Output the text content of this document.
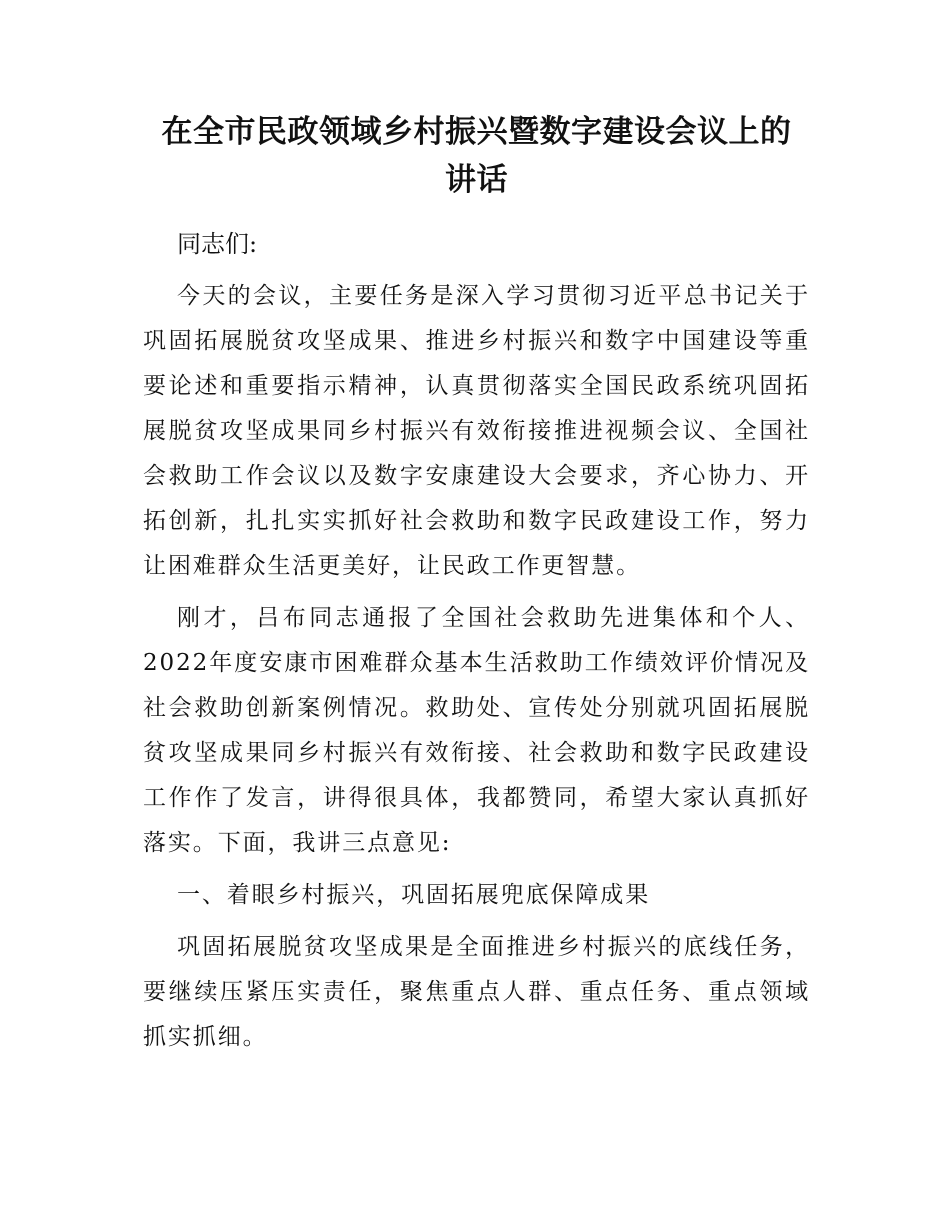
在全市民政领域乡村振兴暨数字建设会议上的
讲话

同志们:

今天的会议，主要任务是深入学习贯彻习近平总书记关于巩固拓展脱贫攻坚成果、推进乡村振兴和数字中国建设等重要论述和重要指示精神，认真贯彻落实全国民政系统巩固拓展脱贫攻坚成果同乡村振兴有效衔接推进视频会议、全国社会救助工作会议以及数字安康建设大会要求，齐心协力、开拓创新，扎扎实实抓好社会救助和数字民政建设工作，努力让困难群众生活更美好，让民政工作更智慧。

刚才，吕布同志通报了全国社会救助先进集体和个人、2022年度安康市困难群众基本生活救助工作绩效评价情况及社会救助创新案例情况。救助处、宣传处分别就巩固拓展脱贫攻坚成果同乡村振兴有效衔接、社会救助和数字民政建设工作作了发言，讲得很具体，我都赞同，希望大家认真抓好落实。下面，我讲三点意见:

一、着眼乡村振兴，巩固拓展兜底保障成果

巩固拓展脱贫攻坚成果是全面推进乡村振兴的底线任务，要继续压紧压实责任，聚焦重点人群、重点任务、重点领域抓实抓细。
